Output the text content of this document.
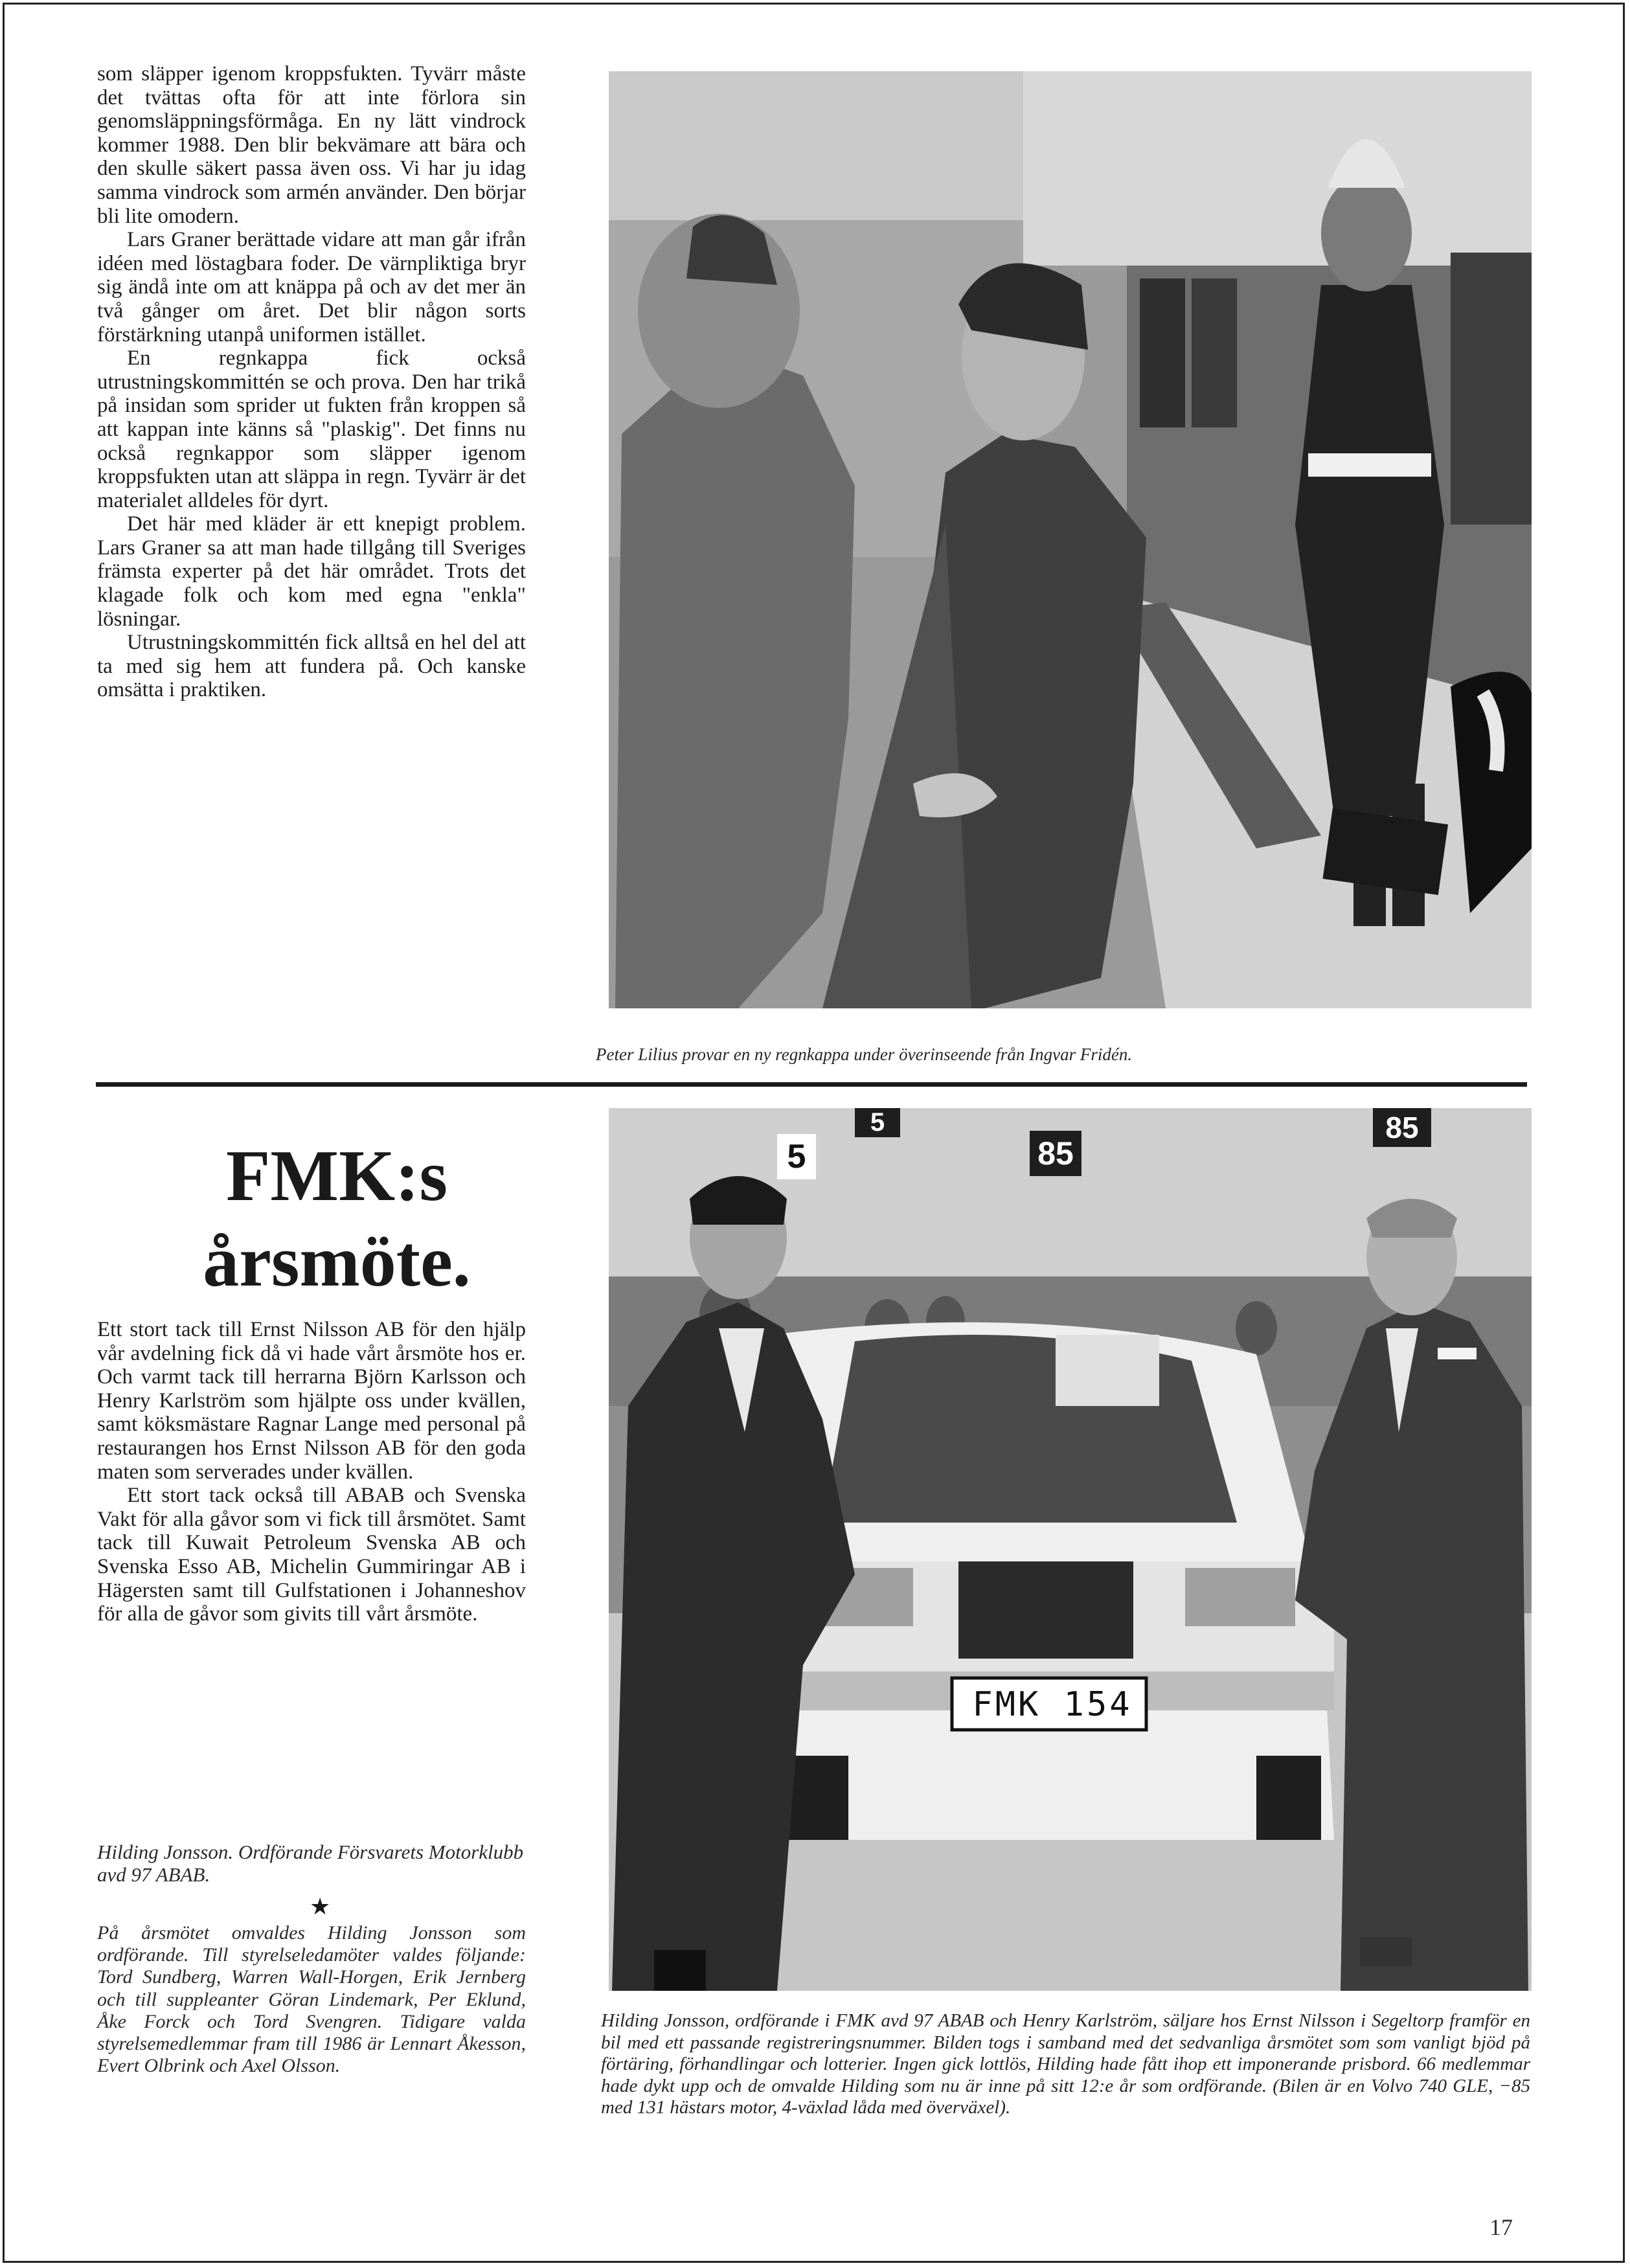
som släpper igenom kroppsfukten. Tyvärr måste det tvättas ofta för att inte förlora sin genomsläppningsförmåga. En ny lätt vindrock kommer 1988. Den blir bekvämare att bära och den skulle säkert passa även oss. Vi har ju idag samma vindrock som armén använder. Den börjar bli lite omodern.

Lars Graner berättade vidare att man går ifrån idéen med löstagbara foder. De värnpliktiga bryr sig ändå inte om att knäppa på och av det mer än två gånger om året. Det blir någon sorts förstärkning utanpå uniformen istället.

En regnkappa fick också utrustningskommittén se och prova. Den har trikå på insidan som sprider ut fukten från kroppen så att kappan inte känns så "plaskig". Det finns nu också regnkappor som släpper igenom kroppsfukten utan att släppa in regn. Tyvärr är det materialet alldeles för dyrt.

Det här med kläder är ett knepigt problem. Lars Graner sa att man hade tillgång till Sveriges främsta experter på det här området. Trots det klagade folk och kom med egna "enkla" lösningar.

Utrustningskommittén fick alltså en hel del att ta med sig hem att fundera på. Och kanske omsätta i praktiken.

Peter Lilius provar en ny regnkappa under överinseende från Ingvar Fridén.
FMK:s
årsmöte.

Ett stort tack till Ernst Nilsson AB för den hjälp vår avdelning fick då vi hade vårt årsmöte hos er. Och varmt tack till herrarna Björn Karlsson och Henry Karlström som hjälpte oss under kvällen, samt köksmästare Ragnar Lange med personal på restaurangen hos Ernst Nilsson AB för den goda maten som serverades under kvällen.

Ett stort tack också till ABAB och Svenska Vakt för alla gåvor som vi fick till årsmötet. Samt tack till Kuwait Petroleum Svenska AB och Svenska Esso AB, Michelin Gummiringar AB i Hägersten samt till Gulfstationen i Johanneshov för alla de gåvor som givits till vårt årsmöte.

Hilding Jonsson. Ordförande Försvarets Motorklubb avd 97 ABAB.
★
På årsmötet omvaldes Hilding Jonsson som ordförande. Till styrelseledamöter valdes följande: Tord Sundberg, Warren Wall-Horgen, Erik Jernberg och till suppleanter Göran Lindemark, Per Eklund, Åke Forck och Tord Svengren. Tidigare valda styrelsemedlemmar fram till 1986 är Lennart Åkesson, Evert Olbrink och Axel Olsson.
FMK 154
5	85
5	85
Hilding Jonsson, ordförande i FMK avd 97 ABAB och Henry Karlström, säljare hos Ernst Nilsson i Segeltorp framför en bil med ett passande registreringsnummer. Bilden togs i samband med det sedvanliga årsmötet som som vanligt bjöd på förtäring, förhandlingar och lotterier. Ingen gick lottlös, Hilding hade fått ihop ett imponerande prisbord. 66 medlemmar hade dykt upp och de omvalde Hilding som nu är inne på sitt 12:e år som ordförande. (Bilen är en Volvo 740 GLE, −85 med 131 hästars motor, 4-växlad låda med överväxel).
17
